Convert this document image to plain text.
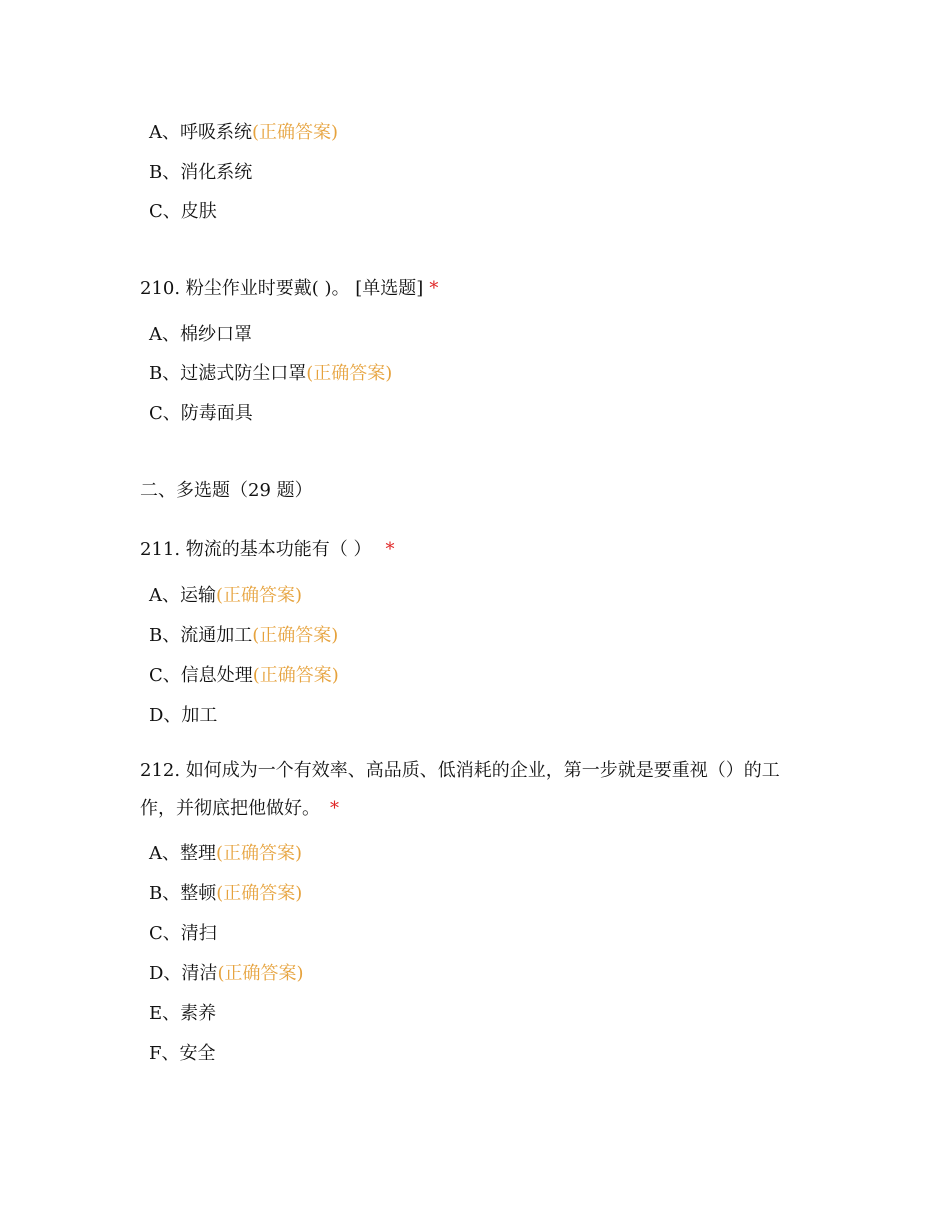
A、呼吸系统(正确答案)
B、消化系统
C、皮肤
210. 粉尘作业时要戴( )。 [单选题] *
A、棉纱口罩
B、过滤式防尘口罩(正确答案)
C、防毒面具
二、多选题（29 题）
211. 物流的基本功能有（ ） *
A、运输(正确答案)
B、流通加工(正确答案)
C、信息处理(正确答案)
D、加工
212. 如何成为一个有效率、高品质、低消耗的企业，第一步就是要重视（）的工
作，并彻底把他做好。 *
A、整理(正确答案)
B、整顿(正确答案)
C、清扫
D、清洁(正确答案)
E、素养
F、安全
